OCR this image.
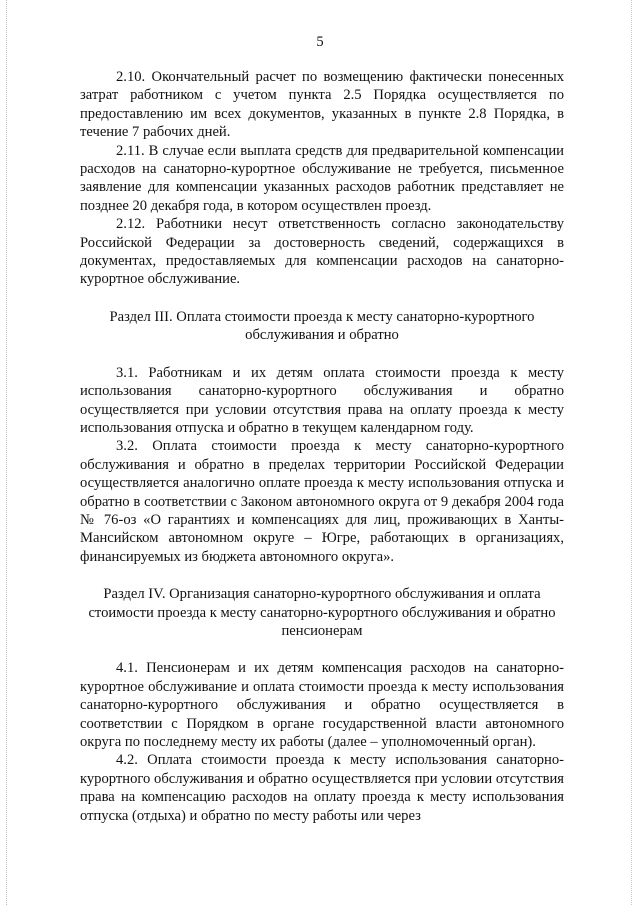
5

2.10. Окончательный расчет по возмещению фактически понесенных затрат работником с учетом пункта 2.5 Порядка осуществляется по предоставлению им всех документов, указанных в пункте 2.8 Порядка, в течение 7 рабочих дней.

2.11. В случае если выплата средств для предварительной компенсации расходов на санаторно-курортное обслуживание не требуется, письменное заявление для компенсации указанных расходов работник представляет не позднее 20 декабря года, в котором осуществлен проезд.

2.12. Работники несут ответственность согласно законодательству Российской Федерации за достоверность сведений, содержащихся в документах, предоставляемых для компенсации расходов на санаторно-курортное обслуживание.

Раздел III. Оплата стоимости проезда к месту санаторно-курортного обслуживания и обратно

3.1. Работникам и их детям оплата стоимости проезда к месту использования санаторно-курортного обслуживания и обратно осуществляется при условии отсутствия права на оплату проезда к месту использования отпуска и обратно в текущем календарном году.

3.2. Оплата стоимости проезда к месту санаторно-курортного обслуживания и обратно в пределах территории Российской Федерации осуществляется аналогично оплате проезда к месту использования отпуска и обратно в соответствии с Законом автономного округа от 9 декабря 2004 года № 76-оз «О гарантиях и компенсациях для лиц, проживающих в Ханты-Мансийском автономном округе – Югре, работающих в организациях, финансируемых из бюджета автономного округа».

Раздел IV. Организация санаторно-курортного обслуживания и оплата стоимости проезда к месту санаторно-курортного обслуживания и обратно пенсионерам

4.1. Пенсионерам и их детям компенсация расходов на санаторно-курортное обслуживание и оплата стоимости проезда к месту использования санаторно-курортного обслуживания и обратно осуществляется в соответствии с Порядком в органе государственной власти автономного округа по последнему месту их работы (далее – уполномоченный орган).

4.2. Оплата стоимости проезда к месту использования санаторно-курортного обслуживания и обратно осуществляется при условии отсутствия права на компенсацию расходов на оплату проезда к месту использования отпуска (отдыха) и обратно по месту работы или через
